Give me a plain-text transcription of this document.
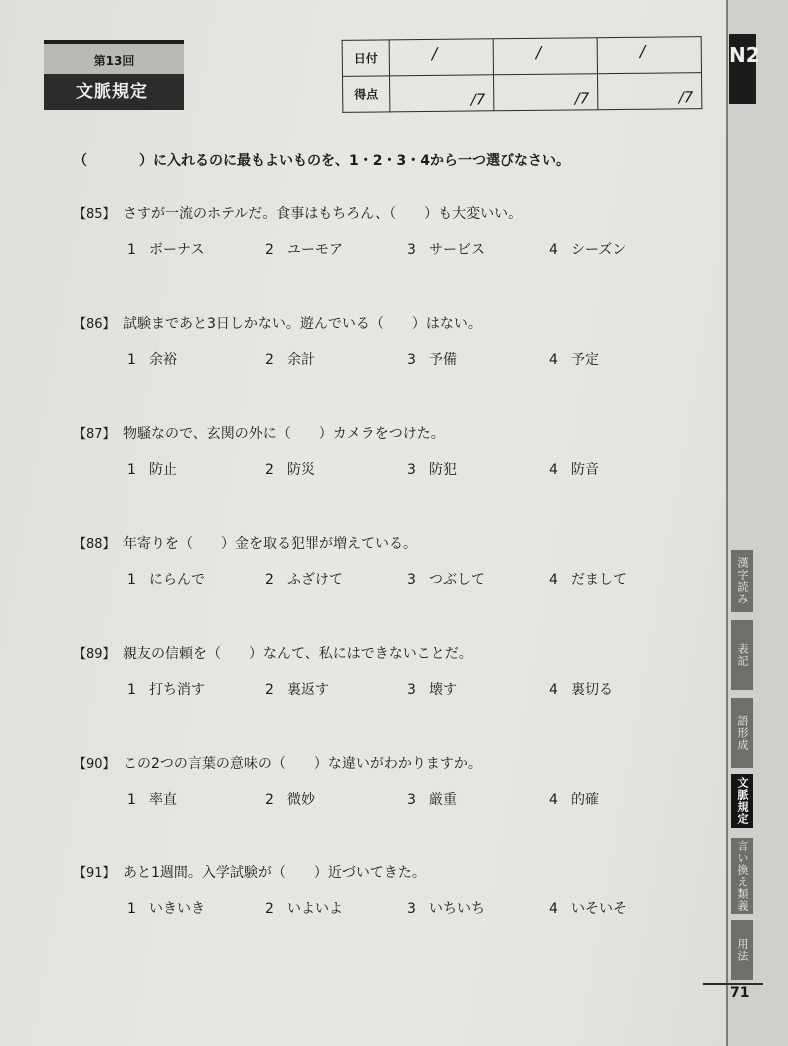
第13回
文脈規定
日付	/	/	/

得点	/7	/7	/7
（	）に入れるのに最もよいものを、1・2・3・4から一つ選びなさい。
【85】 さすが一流のホテルだ。食事はもちろん、（　　）も大変いい。
1 ボーナス	2 ユーモア	3 サービス	4 シーズン
【86】 試験まであと3日しかない。遊んでいる（　　）はない。
1 余裕	2 余計	3 予備	4 予定
【87】 物騒なので、玄関の外に（　　）カメラをつけた。
1 防止	2 防災	3 防犯	4 防音
【88】 年寄りを（　　）金を取る犯罪が増えている。
1 にらんで	2 ふざけて	3 つぶして	4 だまして
【89】 親友の信頼を（　　）なんて、私にはできないことだ。
1 打ち消す	2 裏返す	3 壊す	4 裏切る
【90】 この2つの言葉の意味の（　　）な違いがわかりますか。
1 率直	2 微妙	3 厳重	4 的確
【91】 あと1週間。入学試験が（　　）近づいてきた。
1 いきいき	2 いよいよ	3 いちいち	4 いそいそ
N2
漢字読み
表記
語形成
文脈規定
言い換え類義
用法
71
